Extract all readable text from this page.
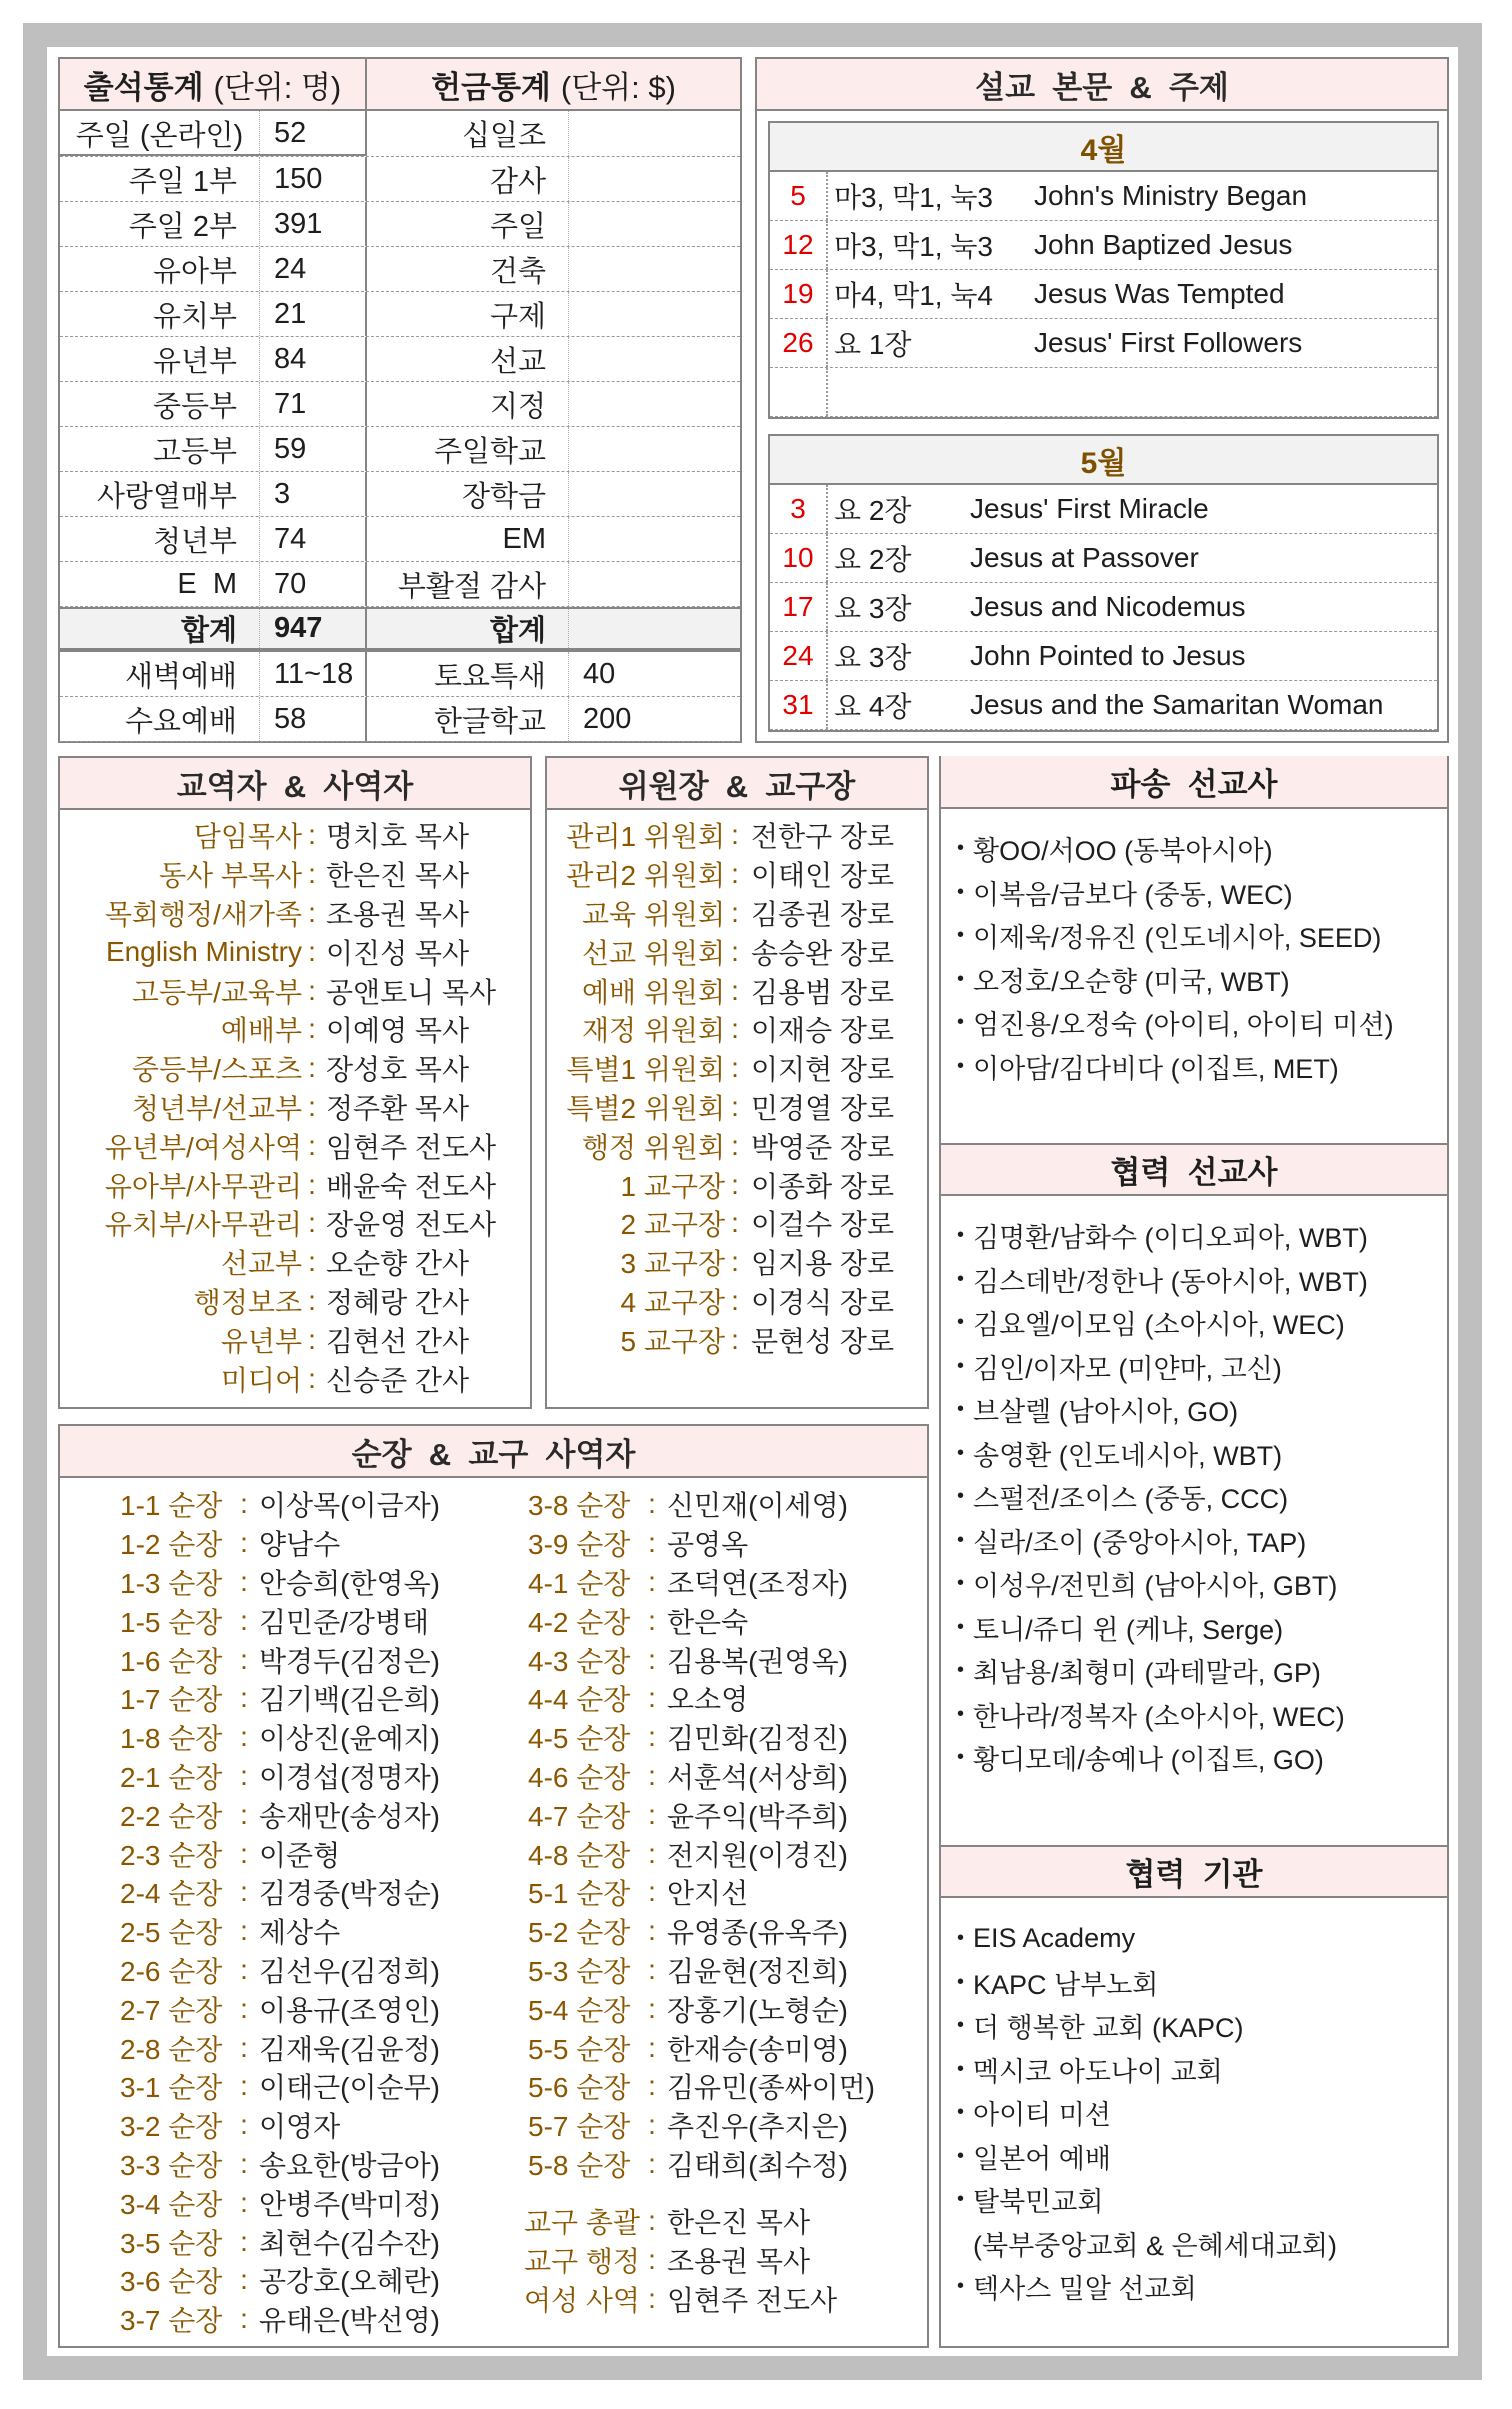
출석통계 (단위: 명)	헌금통계 (단위: $)
주일 (온라인)	52	십일조
주일 1부	150	감사
주일 2부	391	주일
유아부	24	건축
유치부	21	구제
유년부	84	선교
중등부	71	지정
고등부	59	주일학교
사랑열매부	3	장학금
청년부	74	EM
E  M	70	부활절 감사
합계	947	합계
새벽예배	11~18	토요특새	40
수요예배	58	한글학교	200
설교  본문  &  주제
4월
5	마3, 막1, 눅3	John's Ministry Began
12 마3, 막1, 눅3	John Baptized Jesus
19 마4, 막1, 눅4	Jesus Was Tempted
26 요 1장	Jesus' First Followers
5월
3	요 2장	Jesus' First Miracle
10 요 2장	Jesus at Passover
17 요 3장	Jesus and Nicodemus
24 요 3장	John Pointed to Jesus
31 요 4장	Jesus and the Samaritan Woman
교역자  &  사역자
담임목사 : 명치호 목사
동사 부목사 : 한은진 목사
목회행정/새가족 : 조용권 목사
English Ministry : 이진성 목사
고등부/교육부 : 공앤토니 목사
예배부 : 이예영 목사
중등부/스포츠 : 장성호 목사
청년부/선교부 : 정주환 목사
유년부/여성사역 : 임현주 전도사
유아부/사무관리 : 배윤숙 전도사
유치부/사무관리 : 장윤영 전도사
선교부 : 오순향 간사
행정보조 : 정혜랑 간사
유년부 : 김현선 간사
미디어 : 신승준 간사
위원장  &  교구장
관리1 위원회 : 전한구 장로
관리2 위원회 : 이태인 장로
교육 위원회 : 김종권 장로
선교 위원회 : 송승완 장로
예배 위원회 : 김용범 장로
재정 위원회 : 이재승 장로
특별1 위원회 : 이지현 장로
특별2 위원회 : 민경열 장로
행정 위원회 : 박영준 장로
1 교구장 : 이종화 장로
2 교구장 : 이걸수 장로
3 교구장 : 임지용 장로
4 교구장 : 이경식 장로
5 교구장 : 문현성 장로
파송  선교사
• 황OO/서OO (동북아시아)
• 이복음/금보다 (중동, WEC)
• 이제욱/정유진 (인도네시아, SEED)
• 오정호/오순향 (미국, WBT)
• 엄진용/오정숙 (아이티, 아이티 미션)
• 이아담/김다비다 (이집트, MET)
협력  선교사
• 김명환/남화수 (이디오피아, WBT)
• 김스데반/정한나 (동아시아, WBT)
• 김요엘/이모임 (소아시아, WEC)
• 김인/이자모 (미얀마, 고신)
• 브살렐 (남아시아, GO)
• 송영환 (인도네시아, WBT)
• 스펄전/조이스 (중동, CCC)
• 실라/조이 (중앙아시아, TAP)
• 이성우/전민희 (남아시아, GBT)
• 토니/쥬디 윈 (케냐, Serge)
• 최남용/최형미 (과테말라, GP)
• 한나라/정복자 (소아시아, WEC)
• 황디모데/송예나 (이집트, GO)
협력  기관
• EIS Academy
• KAPC 남부노회
• 더 행복한 교회 (KAPC)
• 멕시코 아도나이 교회
• 아이티 미션
• 일본어 예배
• 탈북민교회
• 텍사스 밀알 선교회
(북부중앙교회 & 은혜세대교회)
순장  &  교구  사역자
1-1 순장 : 이상목(이금자)
1-2 순장 : 양남수
1-3 순장 : 안승희(한영옥)
1-5 순장 : 김민준/강병태
1-6 순장 : 박경두(김정은)
1-7 순장 : 김기백(김은희)
1-8 순장 : 이상진(윤예지)
2-1 순장 : 이경섭(정명자)
2-2 순장 : 송재만(송성자)
2-3 순장 : 이준형
2-4 순장 : 김경중(박정순)
2-5 순장 : 제상수
2-6 순장 : 김선우(김정희)
2-7 순장 : 이용규(조영인)
2-8 순장 : 김재욱(김윤정)
3-1 순장 : 이태근(이순무)
3-2 순장 : 이영자
3-3 순장 : 송요한(방금아)
3-4 순장 : 안병주(박미정)
3-5 순장 : 최현수(김수잔)
3-6 순장 : 공강호(오혜란)
3-7 순장 : 유태은(박선영)
3-8 순장 : 신민재(이세영)
3-9 순장 : 공영옥
4-1 순장 : 조덕연(조정자)
4-2 순장 : 한은숙
4-3 순장 : 김용복(권영옥)
4-4 순장 : 오소영
4-5 순장 : 김민화(김정진)
4-6 순장 : 서훈석(서상희)
4-7 순장 : 윤주익(박주희)
4-8 순장 : 전지원(이경진)
5-1 순장 : 안지선
5-2 순장 : 유영종(유옥주)
5-3 순장 : 김윤현(정진희)
5-4 순장 : 장홍기(노형순)
5-5 순장 : 한재승(송미영)
5-6 순장 : 김유민(종싸이먼)
5-7 순장 : 추진우(추지은)
5-8 순장 : 김태희(최수정)
교구 총괄 : 한은진 목사
교구 행정 : 조용권 목사
여성 사역 : 임현주 전도사
